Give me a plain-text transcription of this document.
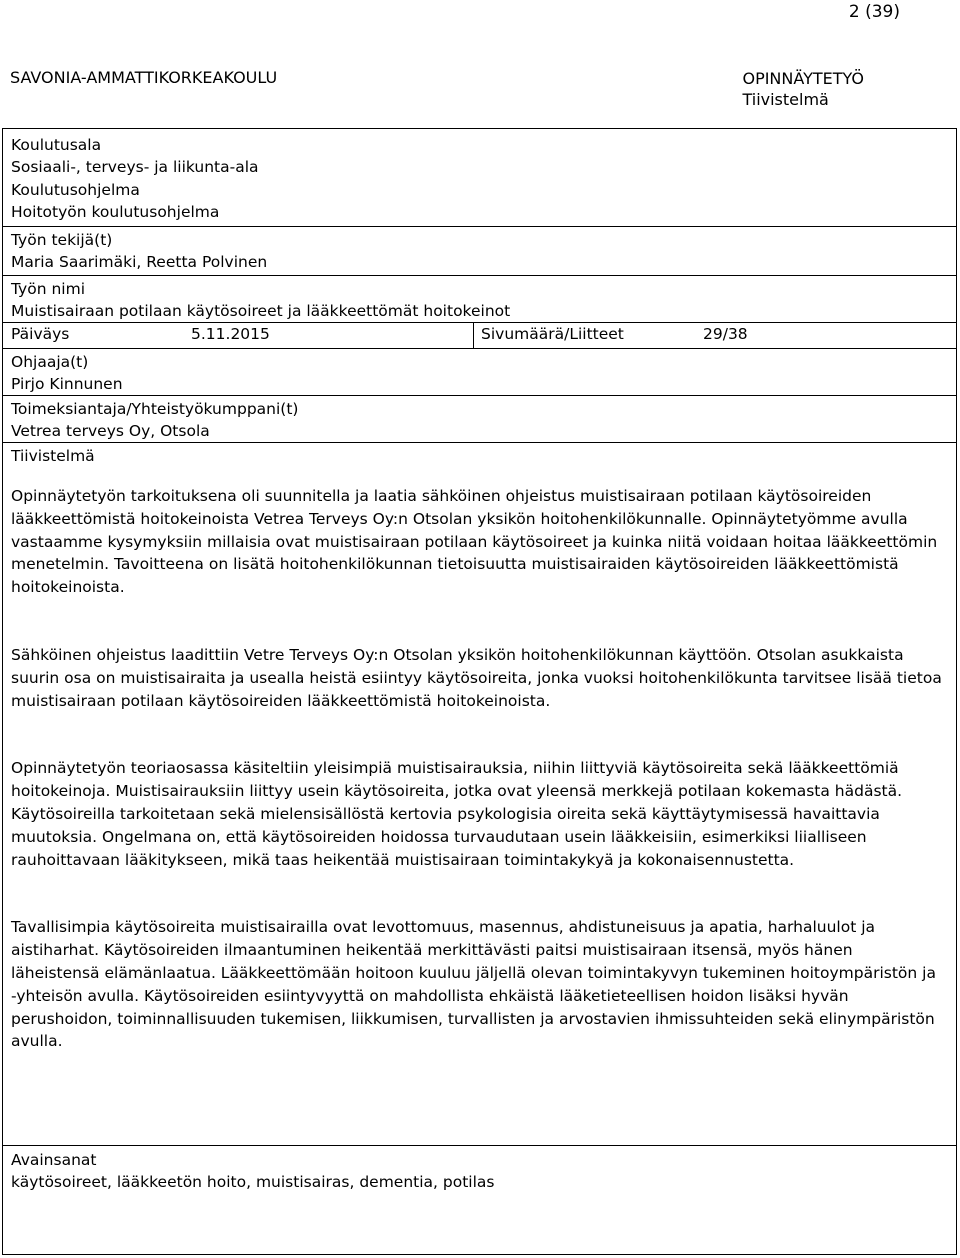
2 (39)
SAVONIA-AMMATTIKORKEAKOULU	OPINNÄYTETYÖ
Tiivistelmä
Koulutusala
Sosiaali-, terveys- ja liikunta-ala
Koulutusohjelma
Hoitotyön koulutusohjelma
Työn tekijä(t)
Maria Saarimäki, Reetta Polvinen
Työn nimi
Muistisairaan potilaan käytösoireet ja lääkkeettömät hoitokeinot
Päiväys	5.11.2015	Sivumäärä/Liitteet	29/38
Ohjaaja(t)
Pirjo Kinnunen
Toimeksiantaja/Yhteistyökumppani(t)
Vetrea terveys Oy, Otsola
Tiivistelmä

Opinnäytetyön tarkoituksena oli suunnitella ja laatia sähköinen ohjeistus muistisairaan potilaan käytösoireiden lääkkeettömistä hoitokeinoista Vetrea Terveys Oy:n Otsolan yksikön hoitohenkilökunnalle. Opinnäytetyömme avulla vastaamme kysymyksiin millaisia ovat muistisairaan potilaan käytösoireet ja kuinka niitä voidaan hoitaa lääkkeettömin menetelmin. Tavoitteena on lisätä hoitohenkilökunnan tietoisuutta muistisairaiden käytösoireiden lääkkeettömistä hoitokeinoista.

Sähköinen ohjeistus laadittiin Vetre Terveys Oy:n Otsolan yksikön hoitohenkilökunnan käyttöön. Otsolan asukkaista suurin osa on muistisairaita ja usealla heistä esiintyy käytösoireita, jonka vuoksi hoitohenkilökunta tarvitsee lisää tietoa muistisairaan potilaan käytösoireiden lääkkeettömistä hoitokeinoista.

Opinnäytetyön teoriaosassa käsiteltiin yleisimpiä muistisairauksia, niihin liittyviä käytösoireita sekä lääkkeettömiä hoitokeinoja. Muistisairauksiin liittyy usein käytösoireita, jotka ovat yleensä merkkejä potilaan kokemasta hädästä. Käytösoireilla tarkoitetaan sekä mielensisällöstä kertovia psykologisia oireita sekä käyttäytymisessä havaittavia muutoksia. Ongelmana on, että käytösoireiden hoidossa turvaudutaan usein lääkkeisiin, esimerkiksi liialliseen rauhoittavaan lääkitykseen, mikä taas heikentää muistisairaan toimintakykyä ja kokonaisennustetta.

Tavallisimpia käytösoireita muistisairailla ovat levottomuus, masennus, ahdistuneisuus ja apatia, harhaluulot ja aistiharhat. Käytösoireiden ilmaantuminen heikentää merkittävästi paitsi muistisairaan itsensä, myös hänen läheistensä elämänlaatua. Lääkkeettömään hoitoon kuuluu jäljellä olevan toimintakyvyn tukeminen hoitoympäristön ja -yhteisön avulla. Käytösoireiden esiintyvyyttä on mahdollista ehkäistä lääketieteellisen hoidon lisäksi hyvän perushoidon, toiminnallisuuden tukemisen, liikkumisen, turvallisten ja arvostavien ihmissuhteiden sekä elinympäristön avulla.

Avainsanat
käytösoireet, lääkkeetön hoito, muistisairas, dementia, potilas
